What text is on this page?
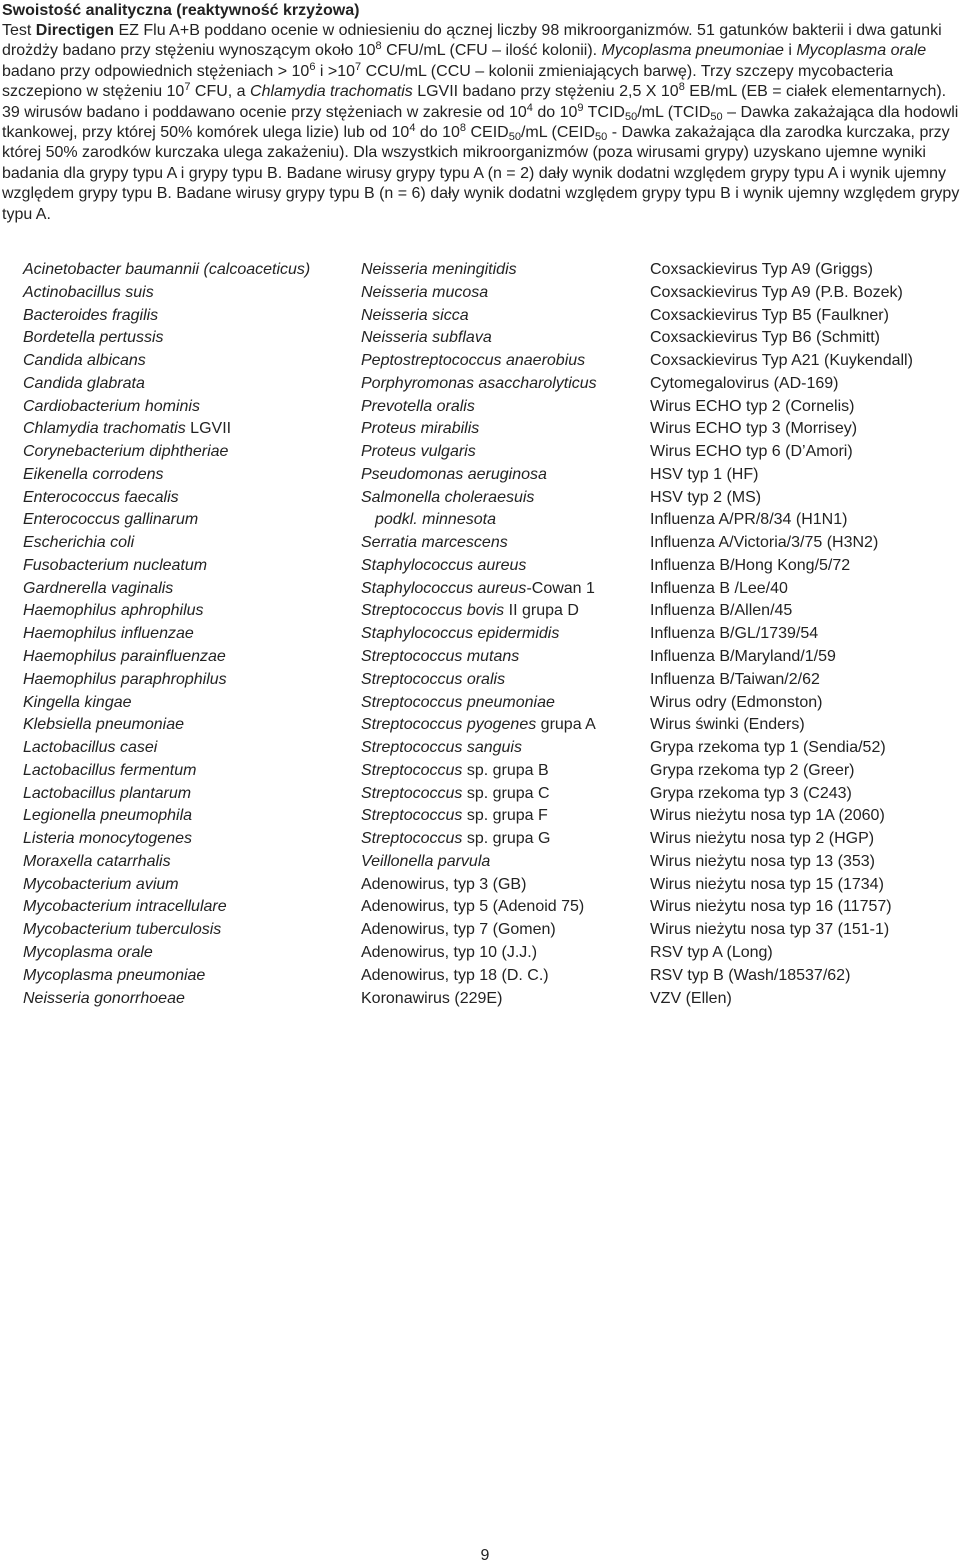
Swoistość analityczna (reaktywność krzyżowa)
Test Directigen EZ Flu A+B poddano ocenie w odniesieniu do ącznej liczby 98 mikroorganizmów. 51 gatunków bakterii i dwa gatunki drożdży badano przy stężeniu wynoszącym około $10^8$ CFU/mL (CFU – ilość kolonii). Mycoplasma pneumoniae i Mycoplasma orale badano przy odpowiednich stężeniach > $10^6$ $i >10^7$ CCU/mL (CCU – kolonii zmieniających barwę). Trzy szczepy mycobacteria szczepiono w stężeniu $10^7$ CFU, a Chlamydia trachomatis LGVII badano przy stężeniu 2,5 X $10^8$ EB/mL (EB = ciałek elementarnych). 39 wirusów badano i poddawano ocenie przy stężeniach w zakresie od $10^4$ do $10^9$ $TCID_{50}/mL$ ($TCID_{50}$ – Dawka zakażająca dla hodowli tkankowej, przy której 50% komórek ulega lizie) lub od $10^4$ do $10^8$ $CEID_{50}/mL$ ($CEID_{50}$ - Dawka zakażająca dla zarodka kurczaka, przy której 50% zarodków kurczaka ulega zakażeniu). Dla wszystkich mikroorganizmów (poza wirusami grypy) uzyskano ujemne wyniki badania dla grypy typu A i grypy typu B. Badane wirusy grypy typu A (n = 2) dały wynik dodatni względem grypy typu A i wynik ujemny względem grypy typu B. Badane wirusy grypy typu B (n = 6) dały wynik dodatni względem grypy typu B i wynik ujemny względem grypy typu A.
Acinetobacter baumannii (calcoaceticus)
Actinobacillus suis
Bacteroides fragilis
Bordetella pertussis
Candida albicans
Candida glabrata
Cardiobacterium hominis
Chlamydia trachomatis LGVII
Corynebacterium diphtheriae
Eikenella corrodens
Enterococcus faecalis
Enterococcus gallinarum
Escherichia coli
Fusobacterium nucleatum
Gardnerella vaginalis
Haemophilus aphrophilus
Haemophilus influenzae
Haemophilus parainfluenzae
Haemophilus paraphrophilus
Kingella kingae
Klebsiella pneumoniae
Lactobacillus casei
Lactobacillus fermentum
Lactobacillus plantarum
Legionella pneumophila
Listeria monocytogenes
Moraxella catarrhalis
Mycobacterium avium
Mycobacterium intracellulare
Mycobacterium tuberculosis
Mycoplasma orale
Mycoplasma pneumoniae
Neisseria gonorrhoeae
Neisseria meningitidis
Neisseria mucosa
Neisseria sicca
Neisseria subflava
Peptostreptococcus anaerobius
Porphyromonas asaccharolyticus
Prevotella oralis
Proteus mirabilis
Proteus vulgaris
Pseudomonas aeruginosa
Salmonella choleraesuis
podkl. minnesota
Serratia marcescens
Staphylococcus aureus
Staphylococcus aureus-Cowan 1
Streptococcus bovis II grupa D
Staphylococcus epidermidis
Streptococcus mutans
Streptococcus oralis
Streptococcus pneumoniae
Streptococcus pyogenes grupa A
Streptococcus sanguis
Streptococcus sp. grupa B
Streptococcus sp. grupa C
Streptococcus sp. grupa F
Streptococcus sp. grupa G
Veillonella parvula
Adenowirus, typ 3 (GB)
Adenowirus, typ 5 (Adenoid 75)
Adenowirus, typ 7 (Gomen)
Adenowirus, typ 10 (J.J.)
Adenowirus, typ 18 (D. C.)
Koronawirus (229E)
Coxsackievirus Typ A9 (Griggs)
Coxsackievirus Typ A9 (P.B. Bozek)
Coxsackievirus Typ B5 (Faulkner)
Coxsackievirus Typ B6 (Schmitt)
Coxsackievirus Typ A21 (Kuykendall)
Cytomegalovirus (AD-169)
Wirus ECHO typ 2 (Cornelis)
Wirus ECHO typ 3 (Morrisey)
Wirus ECHO typ 6 (D’Amori)
HSV typ 1 (HF)
HSV typ 2 (MS)
Influenza A/PR/8/34 (H1N1)
Influenza A/Victoria/3/75 (H3N2)
Influenza B/Hong Kong/5/72
Influenza B /Lee/40
Influenza B/Allen/45
Influenza B/GL/1739/54
Influenza B/Maryland/1/59
Influenza B/Taiwan/2/62
Wirus odry (Edmonston)
Wirus świnki (Enders)
Grypa rzekoma typ 1 (Sendia/52)
Grypa rzekoma typ 2 (Greer)
Grypa rzekoma typ 3 (C243)
Wirus nieżytu nosa typ 1A (2060)
Wirus nieżytu nosa typ 2 (HGP)
Wirus nieżytu nosa typ 13 (353)
Wirus nieżytu nosa typ 15 (1734)
Wirus nieżytu nosa typ 16 (11757)
Wirus nieżytu nosa typ 37 (151-1)
RSV typ A (Long)
RSV typ B (Wash/18537/62)
VZV (Ellen)
9
